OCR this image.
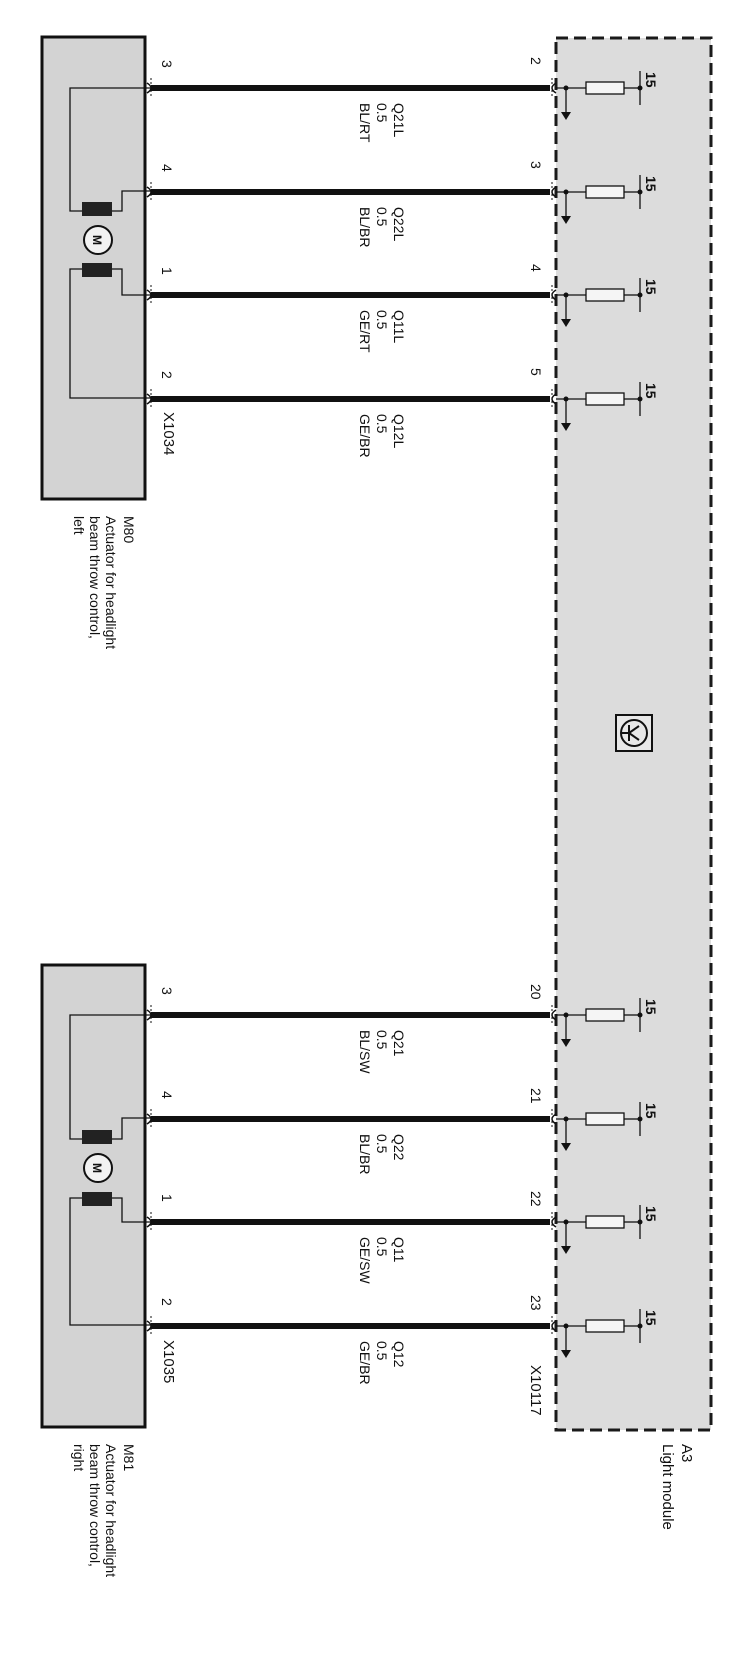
A3
Light module
X10117
M
X1034
M80
Actuator for headlight
beam throw control,
left
3	2
Q21L
0.5
BL/RT
15
4	3
Q22L
0.5
BL/BR
15
1	4
Q11L
0.5
GE/RT
15
2	5
Q12L
0.5
GE/BR
15
M
X1035
M81
Actuator for headlight
beam throw control,
right
3	20
Q21
0.5
BL/SW
15
4	21
Q22
0.5
BL/BR
15
1	22
Q11
0.5
GE/SW
15
2	23
Q12
0.5
GE/BR
15
